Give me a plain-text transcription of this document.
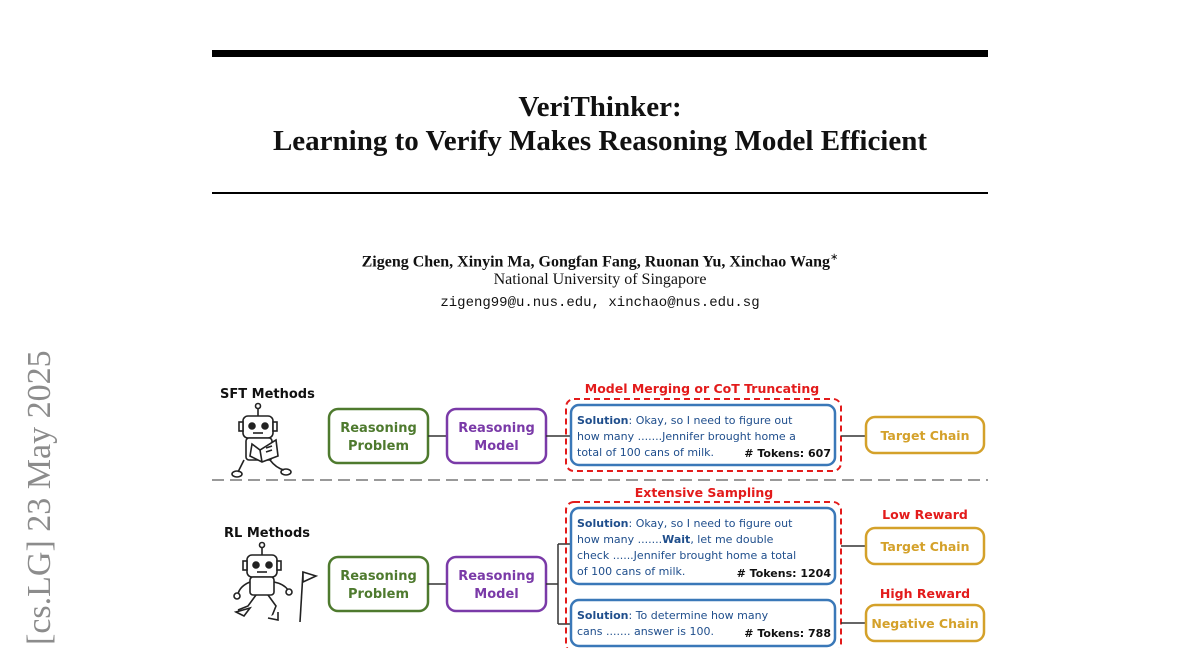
VeriThinker:
Learning to Verify Makes Reasoning Model Efficient
Zigeng Chen, Xinyin Ma, Gongfan Fang, Ruonan Yu, Xinchao Wang∗
National University of Singapore
zigeng99@u.nus.edu, xinchao@nus.edu.sg
[cs.LG] 23 May 2025	SFT Methods
Reasoning
Problem
Reasoning
Model
Model Merging or CoT Truncating
Solution: Okay, so I need to figure out
how many .......Jennifer brought home a
total of 100 cans of milk.	# Tokens: 607
Target Chain
RL Methods
Reasoning
Problem
Reasoning
Model
Extensive Sampling
Solution: Okay, so I need to figure out
how many .......Wait, let me double
check ......Jennifer brought home a total
of 100 cans of milk.	# Tokens: 1204
Solution: To determine how many
cans ....... answer is 100.	# Tokens: 788
Low Reward
Target Chain
High Reward
Negative Chain
